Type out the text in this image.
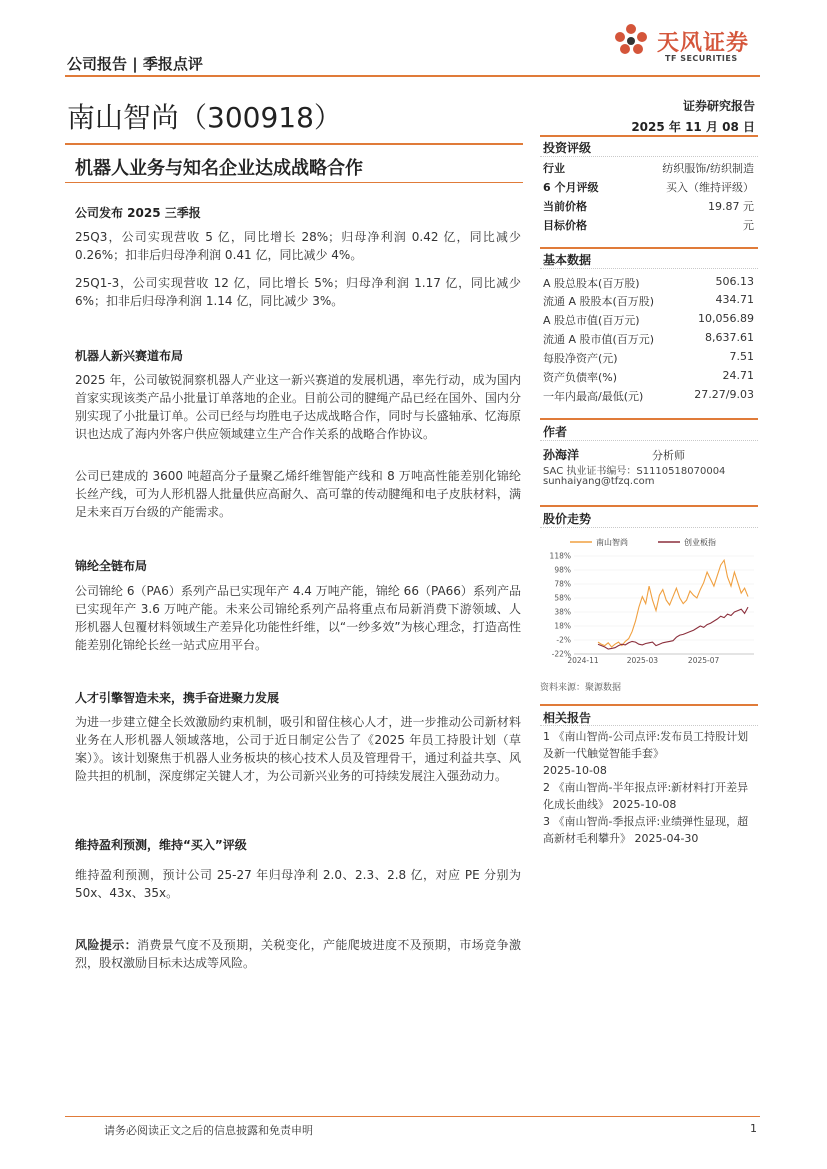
公司报告 | 季报点评
天风证券
TF SECURITIES
南山智尚（300918）	证券研究报告
2025 年 11 月 08 日
机器人业务与知名企业达成战略合作
公司发布 2025 三季报
25Q3，公司实现营收 5 亿，同比增长 28%；归母净利润 0.42 亿，同比减少 0.26%；扣非后归母净利润 0.41 亿，同比减少 4%。
25Q1-3，公司实现营收 12 亿，同比增长 5%；归母净利润 1.17 亿，同比减少 6%；扣非后归母净利润 1.14 亿，同比减少 3%。
机器人新兴赛道布局
2025 年，公司敏锐洞察机器人产业这一新兴赛道的发展机遇，率先行动，成为国内首家实现该类产品小批量订单落地的企业。目前公司的腱绳产品已经在国外、国内分别实现了小批量订单。公司已经与均胜电子达成战略合作，同时与长盛轴承、忆海原识也达成了海内外客户供应领域建立生产合作关系的战略合作协议。
公司已建成的 3600 吨超高分子量聚乙烯纤维智能产线和 8 万吨高性能差别化锦纶长丝产线，可为人形机器人批量供应高耐久、高可靠的传动腱绳和电子皮肤材料，满足未来百万台级的产能需求。
锦纶全链布局
公司锦纶 6（PA6）系列产品已实现年产 4.4 万吨产能，锦纶 66（PA66）系列产品已实现年产 3.6 万吨产能。未来公司锦纶系列产品将重点布局新消费下游领域、人形机器人包覆材料领域生产差异化功能性纤维，以“一纱多效”为核心理念，打造高性能差别化锦纶长丝一站式应用平台。
人才引擎智造未来，携手奋进聚力发展
为进一步建立健全长效激励约束机制，吸引和留住核心人才，进一步推动公司新材料业务在人形机器人领域落地，公司于近日制定公告了《2025 年员工持股计划（草案）》。该计划聚焦于机器人业务板块的核心技术人员及管理骨干，通过利益共享、风险共担的机制，深度绑定关键人才，为公司新兴业务的可持续发展注入强劲动力。
维持盈利预测，维持“买入”评级
维持盈利预测，预计公司 25-27 年归母净利 2.0、2.3、2.8 亿，对应 PE 分别为 50x、43x、35x。
风险提示：消费景气度不及预期，关税变化，产能爬坡进度不及预期，市场竞争激烈，股权激励目标未达成等风险。
投资评级
行业	纺织服饰/纺织制造
6 个月评级	买入（维持评级）
当前价格	19.87 元
目标价格	元
基本数据
A 股总股本(百万股)	506.13
流通 A 股股本(百万股)	434.71
A 股总市值(百万元)	10,056.89
流通 A 股市值(百万元)	8,637.61
每股净资产(元)	7.51
资产负债率(%)	24.71
一年内最高/最低(元)	27.27/9.03
作者
孙海洋	分析师
SAC 执业证书编号：S1110518070004
sunhaiyang@tfzq.com
股价走势
南山智尚	创业板指
118%
98%
78%
58%
38%
18%
-2%
-22%
2024-11	2025-03	2025-07
资料来源：聚源数据
相关报告
1 《南山智尚-公司点评:发布员工持股计划及新一代触觉智能手套》
2025-10-08
2 《南山智尚-半年报点评:新材料打开差异化成长曲线》 2025-10-08
3 《南山智尚-季报点评:业绩弹性显现，超高新材毛利攀升》 2025-04-30
请务必阅读正文之后的信息披露和免责申明	1
